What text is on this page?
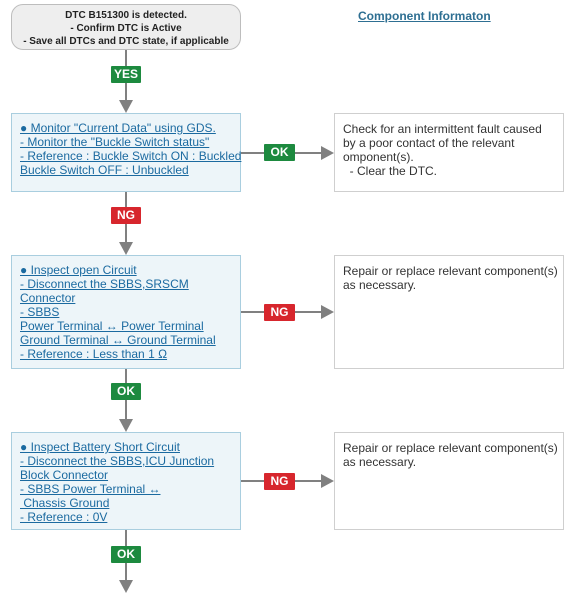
DTC B151300 is detected.
- Confirm DTC is Active
- Save all DTCs and DTC state, if applicable
Component Informaton
YES
● Monitor "Current Data" using GDS.
- Monitor the "Buckle Switch status"
- Reference : Buckle Switch ON : Buckled
Buckle Switch OFF : Unbuckled
OK
Check for an intermittent fault caused
by a poor contact of the relevant
omponent(s).
- Clear the DTC.
NG
● Inspect open Circuit
- Disconnect the SBBS,SRSCM
Connector
- SBBS
Power Terminal ↔ Power Terminal
Ground Terminal ↔ Ground Terminal
- Reference : Less than 1 Ω
NG
Repair or replace relevant component(s)
as necessary.
OK
● Inspect Battery Short Circuit
- Disconnect the SBBS,ICU Junction
Block Connector
- SBBS Power Terminal ↔
Chassis Ground
- Reference : 0V
NG
Repair or replace relevant component(s)
as necessary.
OK
